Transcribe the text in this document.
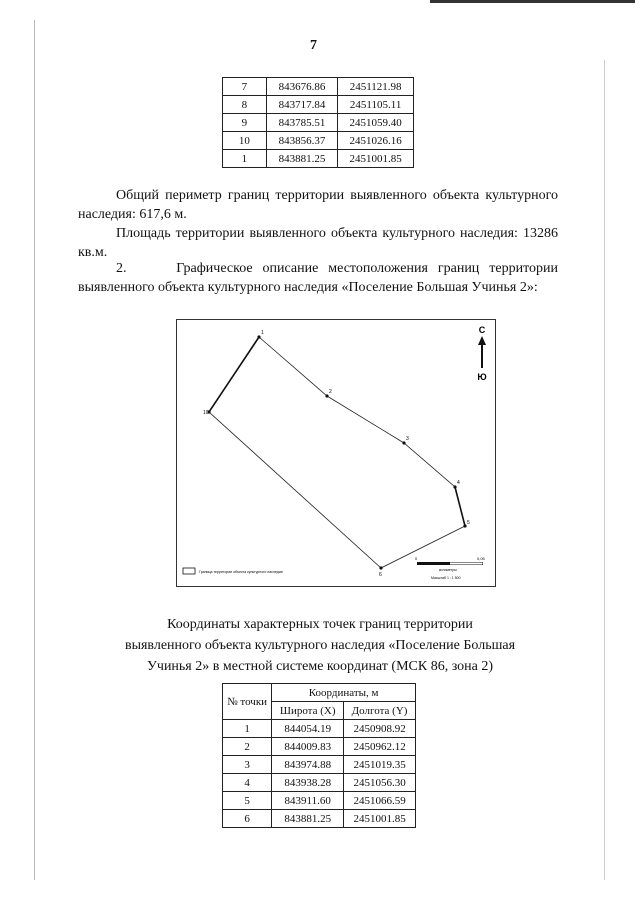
7
7	843676.86	2451121.98
8	843717.84	2451105.11
9	843785.51	2451059.40
10	843856.37	2451026.16
1	843881.25	2451001.85
Общий периметр границ территории выявленного объекта культурного наследия: 617,6 м.
Площадь территории выявленного объекта культурного наследия: 13286 кв.м.
2.	Графическое описание местоположения границ территории выявленного объекта культурного наследия «Поселение Большая Учинья 2»:
1
2
3
4
5
6
10
С
Ю
Граница территории объекта культурного наследия
0	0,05
километры
Масштаб 1 : 1 500
Координаты характерных точек границ территории
выявленного объекта культурного наследия «Поселение Большая
Учинья 2» в местной системе координат (МСК 86, зона 2)
№ точки	Координаты, м	
	Широта (X)	Долгота (Y)
1	844054.19	2450908.92
2	844009.83	2450962.12
3	843974.88	2451019.35
4	843938.28	2451056.30
5	843911.60	2451066.59
6	843881.25	2451001.85
